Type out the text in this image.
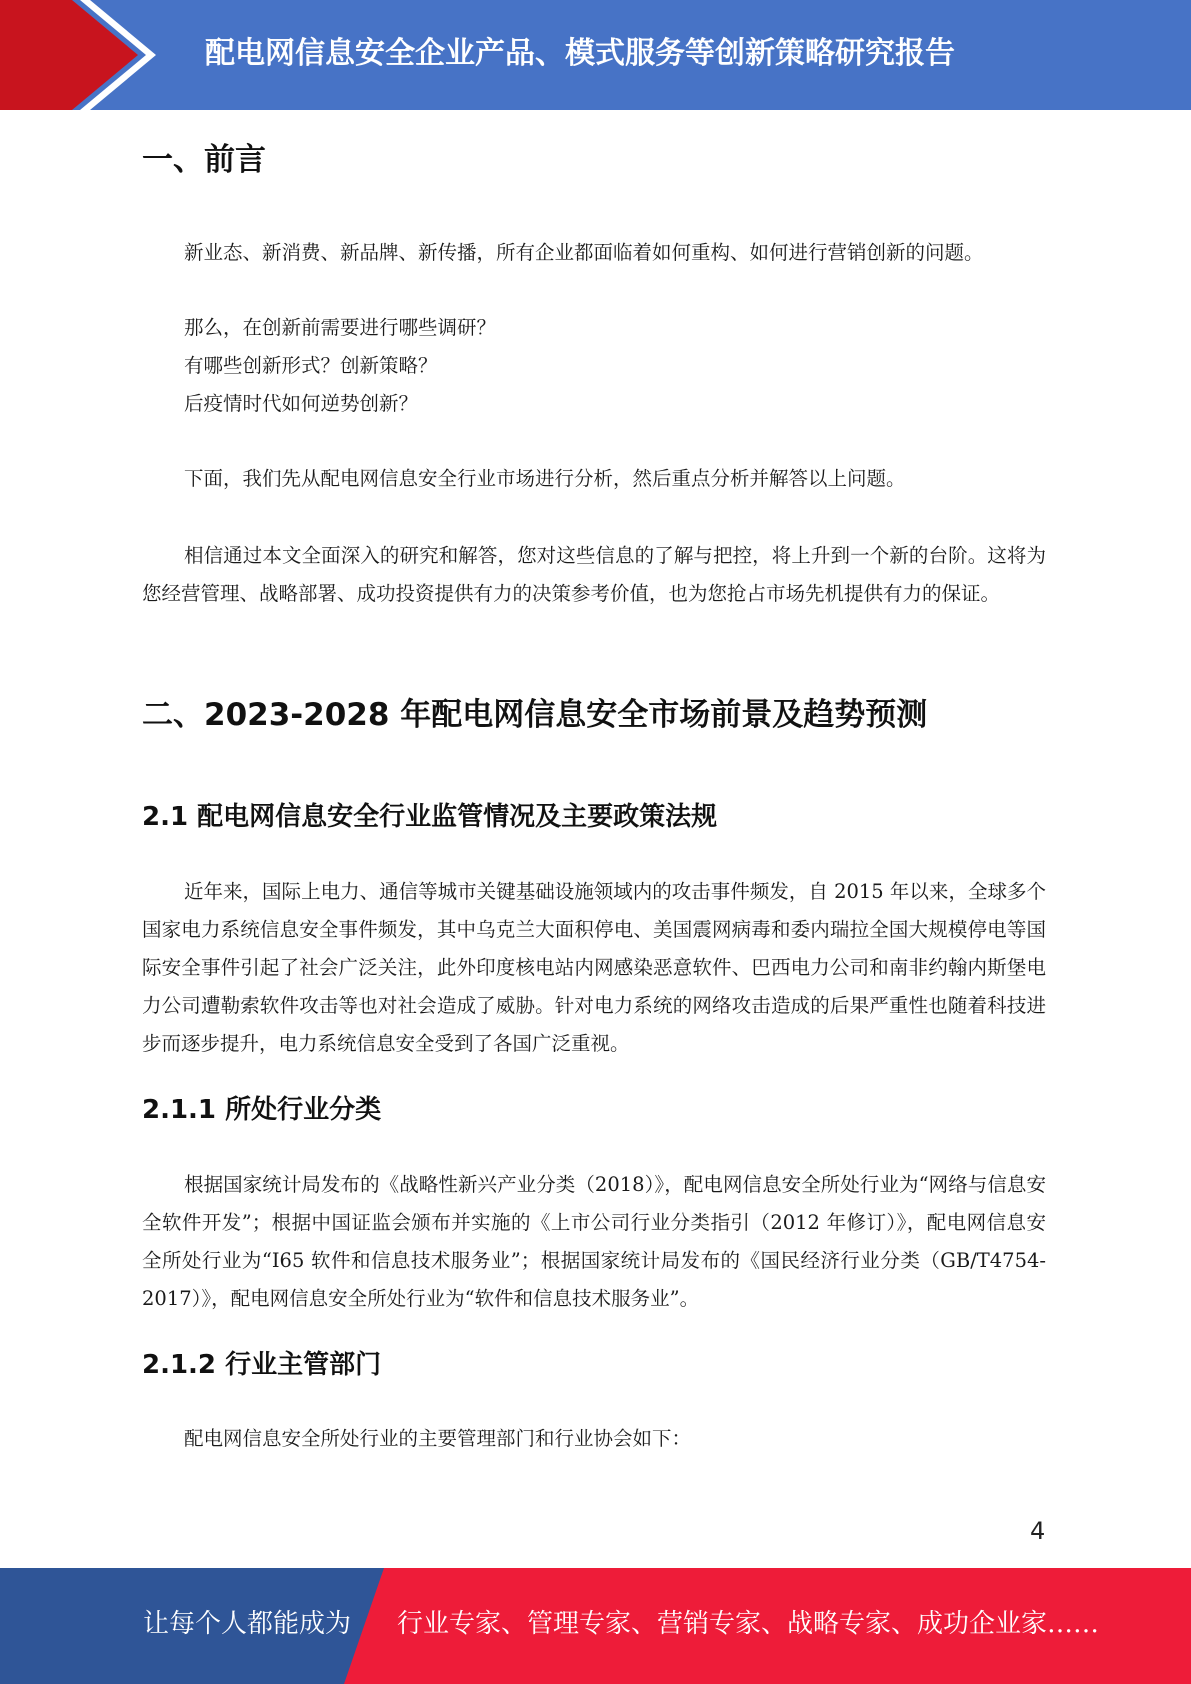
配电网信息安全企业产品、模式服务等创新策略研究报告
一、前言
新业态、新消费、新品牌、新传播，所有企业都面临着如何重构、如何进行营销创新的问题。
那么，在创新前需要进行哪些调研？
有哪些创新形式？创新策略？
后疫情时代如何逆势创新？
下面，我们先从配电网信息安全行业市场进行分析，然后重点分析并解答以上问题。
相信通过本文全面深入的研究和解答，您对这些信息的了解与把控，将上升到一个新的台阶。这将为您经营管理、战略部署、成功投资提供有力的决策参考价值，也为您抢占市场先机提供有力的保证。
二、2023-2028 年配电网信息安全市场前景及趋势预测
2.1 配电网信息安全行业监管情况及主要政策法规
近年来，国际上电力、通信等城市关键基础设施领域内的攻击事件频发，自 2015 年以来，全球多个国家电力系统信息安全事件频发，其中乌克兰大面积停电、美国震网病毒和委内瑞拉全国大规模停电等国际安全事件引起了社会广泛关注，此外印度核电站内网感染恶意软件、巴西电力公司和南非约翰内斯堡电力公司遭勒索软件攻击等也对社会造成了威胁。针对电力系统的网络攻击造成的后果严重性也随着科技进步而逐步提升，电力系统信息安全受到了各国广泛重视。
2.1.1 所处行业分类
根据国家统计局发布的《战略性新兴产业分类（2018）》，配电网信息安全所处行业为“网络与信息安全软件开发”；根据中国证监会颁布并实施的《上市公司行业分类指引（2012 年修订）》，配电网信息安全所处行业为“I65 软件和信息技术服务业”；根据国家统计局发布的《国民经济行业分类（GB/T4754-2017）》，配电网信息安全所处行业为“软件和信息技术服务业”。
2.1.2 行业主管部门
配电网信息安全所处行业的主要管理部门和行业协会如下：
4
让每个人都能成为 行业专家、管理专家、营销专家、战略专家、成功企业家……
